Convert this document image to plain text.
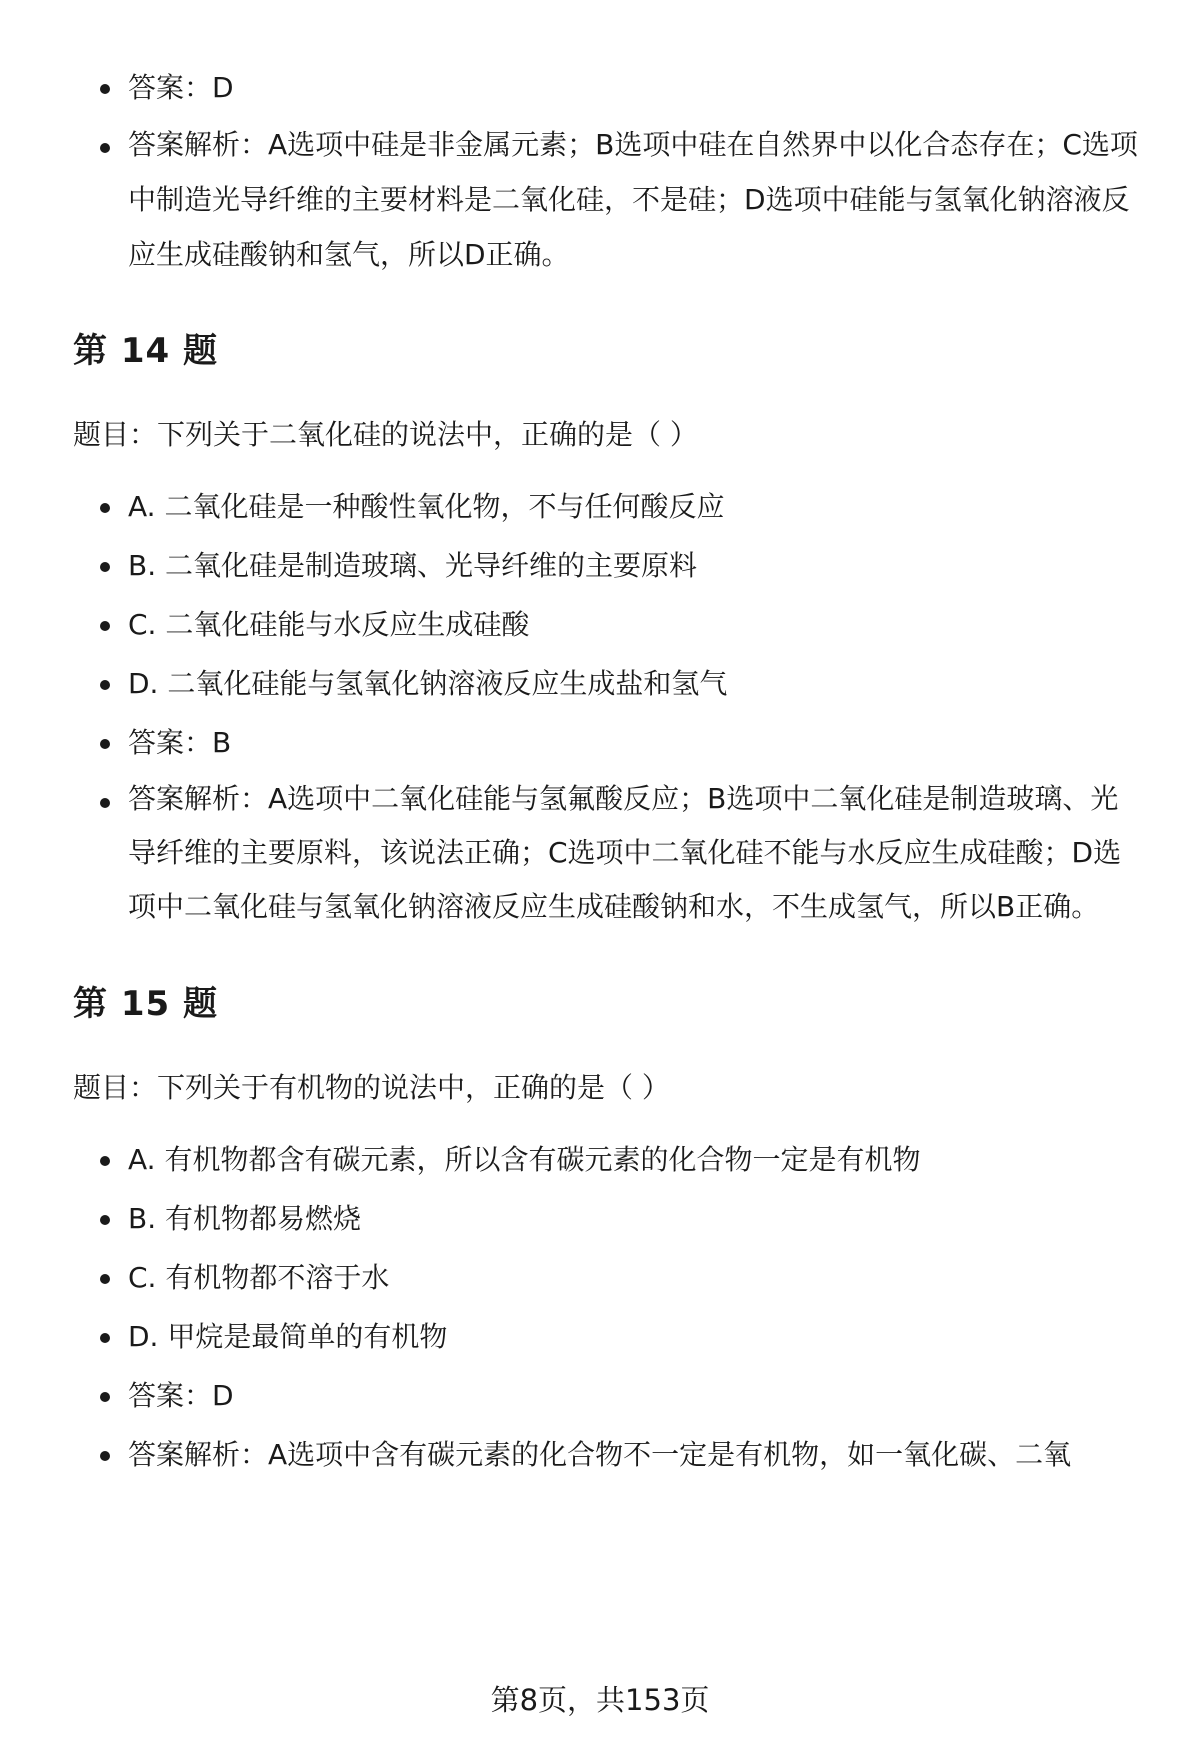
答案：D
答案解析：A选项中硅是非金属元素；B选项中硅在自然界中以化合态存在；C选项中制造光导纤维的主要材料是二氧化硅，不是硅；D选项中硅能与氢氧化钠溶液反应生成硅酸钠和氢气，所以D正确。
第 14 题

题目：下列关于二氧化硅的说法中，正确的是（ ）

A. 二氧化硅是一种酸性氧化物，不与任何酸反应
B. 二氧化硅是制造玻璃、光导纤维的主要原料
C. 二氧化硅能与水反应生成硅酸
D. 二氧化硅能与氢氧化钠溶液反应生成盐和氢气
答案：B
答案解析：A选项中二氧化硅能与氢氟酸反应；B选项中二氧化硅是制造玻璃、光导纤维的主要原料，该说法正确；C选项中二氧化硅不能与水反应生成硅酸；D选项中二氧化硅与氢氧化钠溶液反应生成硅酸钠和水，不生成氢气，所以B正确。
第 15 题

题目：下列关于有机物的说法中，正确的是（ ）

A. 有机物都含有碳元素，所以含有碳元素的化合物一定是有机物
B. 有机物都易燃烧
C. 有机物都不溶于水
D. 甲烷是最简单的有机物
答案：D
答案解析：A选项中含有碳元素的化合物不一定是有机物，如一氧化碳、二氧
第8页，共153页
